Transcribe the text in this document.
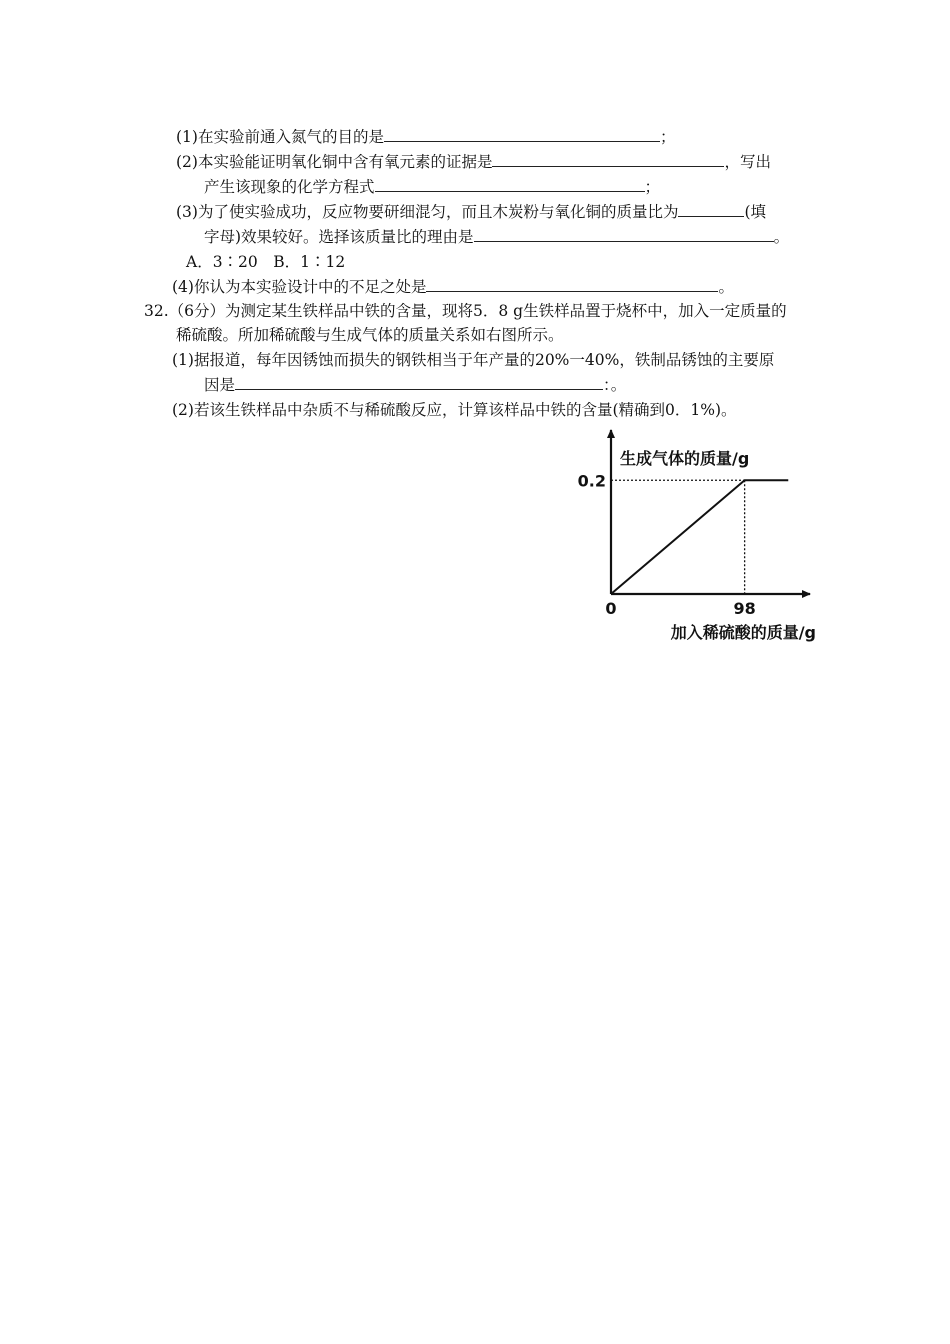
(1)在实验前通入氮气的目的是	；
(2)本实验能证明氧化铜中含有氧元素的证据是	，写出
产生该现象的化学方程式	；
(3)为了使实验成功，反应物要研细混匀，而且木炭粉与氧化铜的质量比为	(填
字母)效果较好。选择该质量比的理由是	。
A．3∶20　B．1∶12
(4)你认为本实验设计中的不足之处是	。
32.（6分）为测定某生铁样品中铁的含量，现将5．8 g生铁样品置于烧杯中，加入一定质量的
稀硫酸。所加稀硫酸与生成气体的质量关系如右图所示。
(1)据报道，每年因锈蚀而损失的钢铁相当于年产量的20%一40%，铁制品锈蚀的主要原
因是	：。
(2)若该生铁样品中杂质不与稀硫酸反应，计算该样品中铁的含量(精确到0．1%)。
生成气体的质量/g
0.2
0	98
加入稀硫酸的质量/g
